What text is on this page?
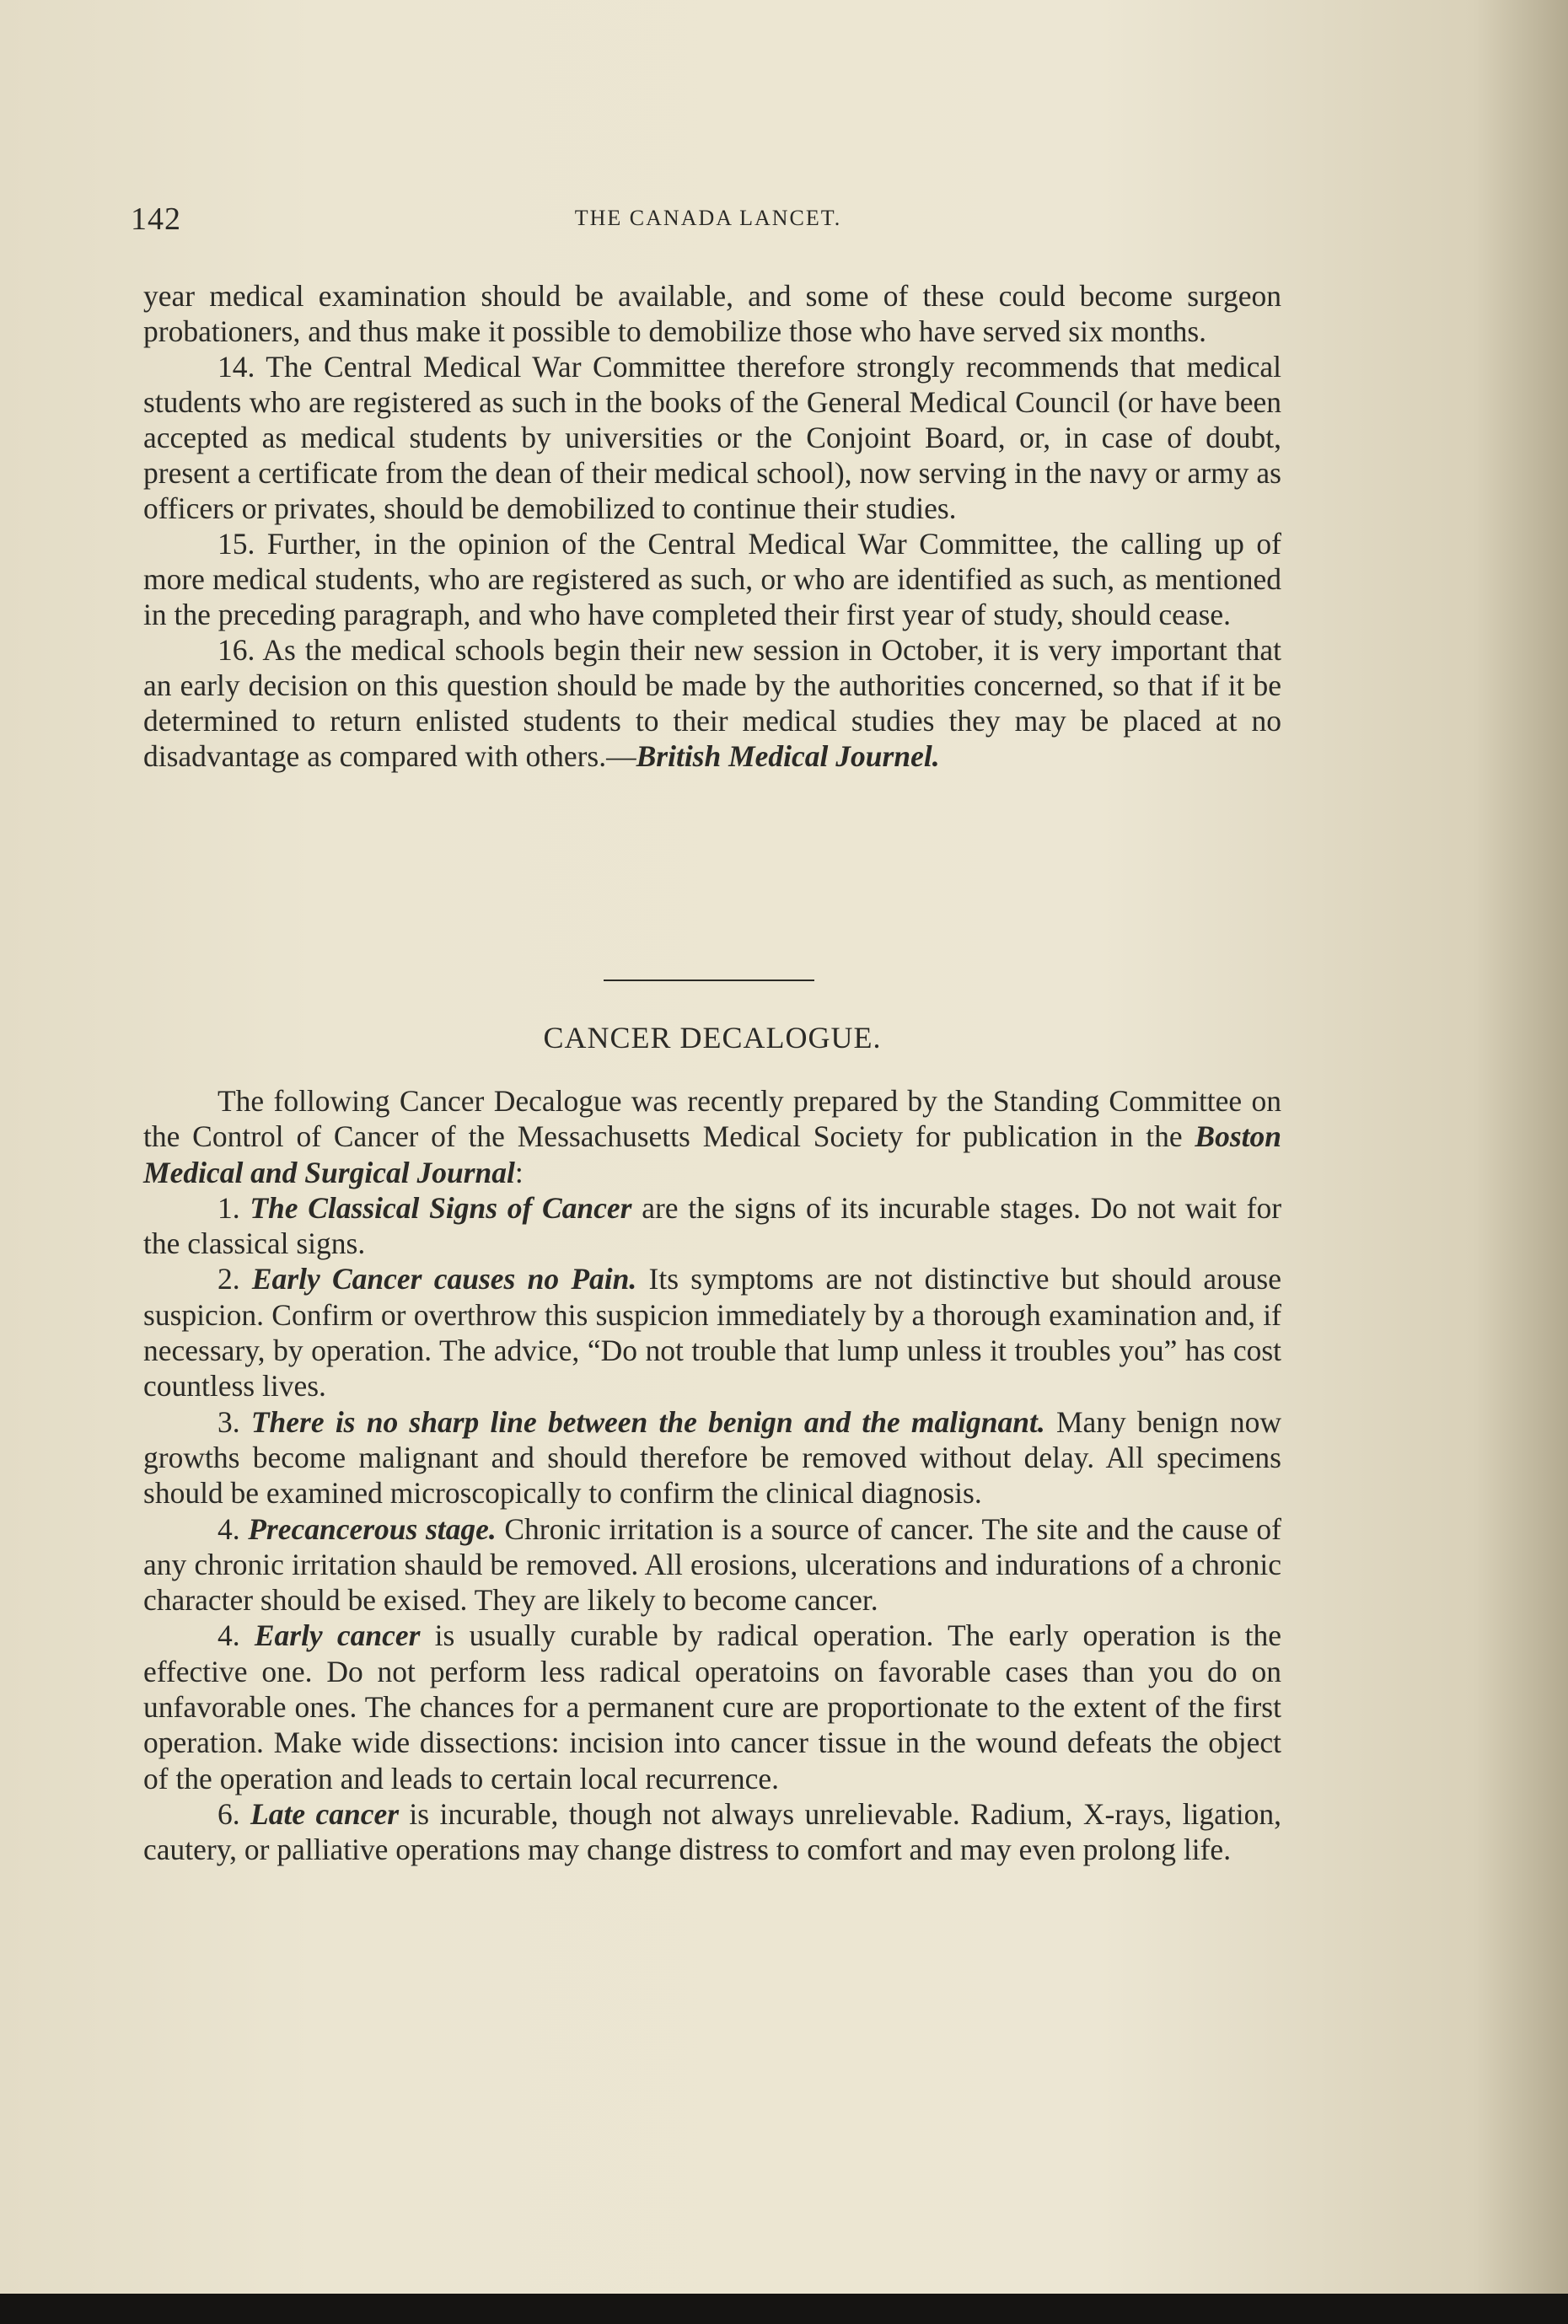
142	THE CANADA LANCET.

year medical examination should be available, and some of these could become surgeon probationers, and thus make it possible to demobilize those who have served six months.

14. The Central Medical War Committee therefore strongly recommends that medical students who are registered as such in the books of the General Medical Council (or have been accepted as medical students by universities or the Conjoint Board, or, in case of doubt, present a certificate from the dean of their medical school), now serving in the navy or army as officers or privates, should be demobilized to continue their studies.

15. Further, in the opinion of the Central Medical War Committee, the calling up of more medical students, who are registered as such, or who are identified as such, as mentioned in the preceding paragraph, and who have completed their first year of study, should cease.

16. As the medical schools begin their new session in October, it is very important that an early decision on this question should be made by the authorities concerned, so that if it be determined to return enlisted students to their medical studies they may be placed at no disadvantage as compared with others.—British Medical Journel.

CANCER DECALOGUE.

The following Cancer Decalogue was recently prepared by the Standing Committee on the Control of Cancer of the Messachusetts Medical Society for publication in the Boston Medical and Surgical Journal:

1. The Classical Signs of Cancer are the signs of its incurable stages. Do not wait for the classical signs.

2. Early Cancer causes no Pain. Its symptoms are not distinctive but should arouse suspicion. Confirm or overthrow this suspicion immediately by a thorough examination and, if necessary, by operation. The advice, “Do not trouble that lump unless it troubles you” has cost countless lives.

3. There is no sharp line between the benign and the malignant. Many benign now growths become malignant and should therefore be removed without delay. All specimens should be examined microscopically to confirm the clinical diagnosis.

4. Precancerous stage. Chronic irritation is a source of cancer. The site and the cause of any chronic irritation shauld be removed. All erosions, ulcerations and indurations of a chronic character should be exised. They are likely to become cancer.

4. Early cancer is usually curable by radical operation. The early operation is the effective one. Do not perform less radical operatoins on favorable cases than you do on unfavorable ones. The chances for a permanent cure are proportionate to the extent of the first operation. Make wide dissections: incision into cancer tissue in the wound defeats the object of the operation and leads to certain local recurrence.

6. Late cancer is incurable, though not always unrelievable. Radium, X-rays, ligation, cautery, or palliative operations may change distress to comfort and may even prolong life.
